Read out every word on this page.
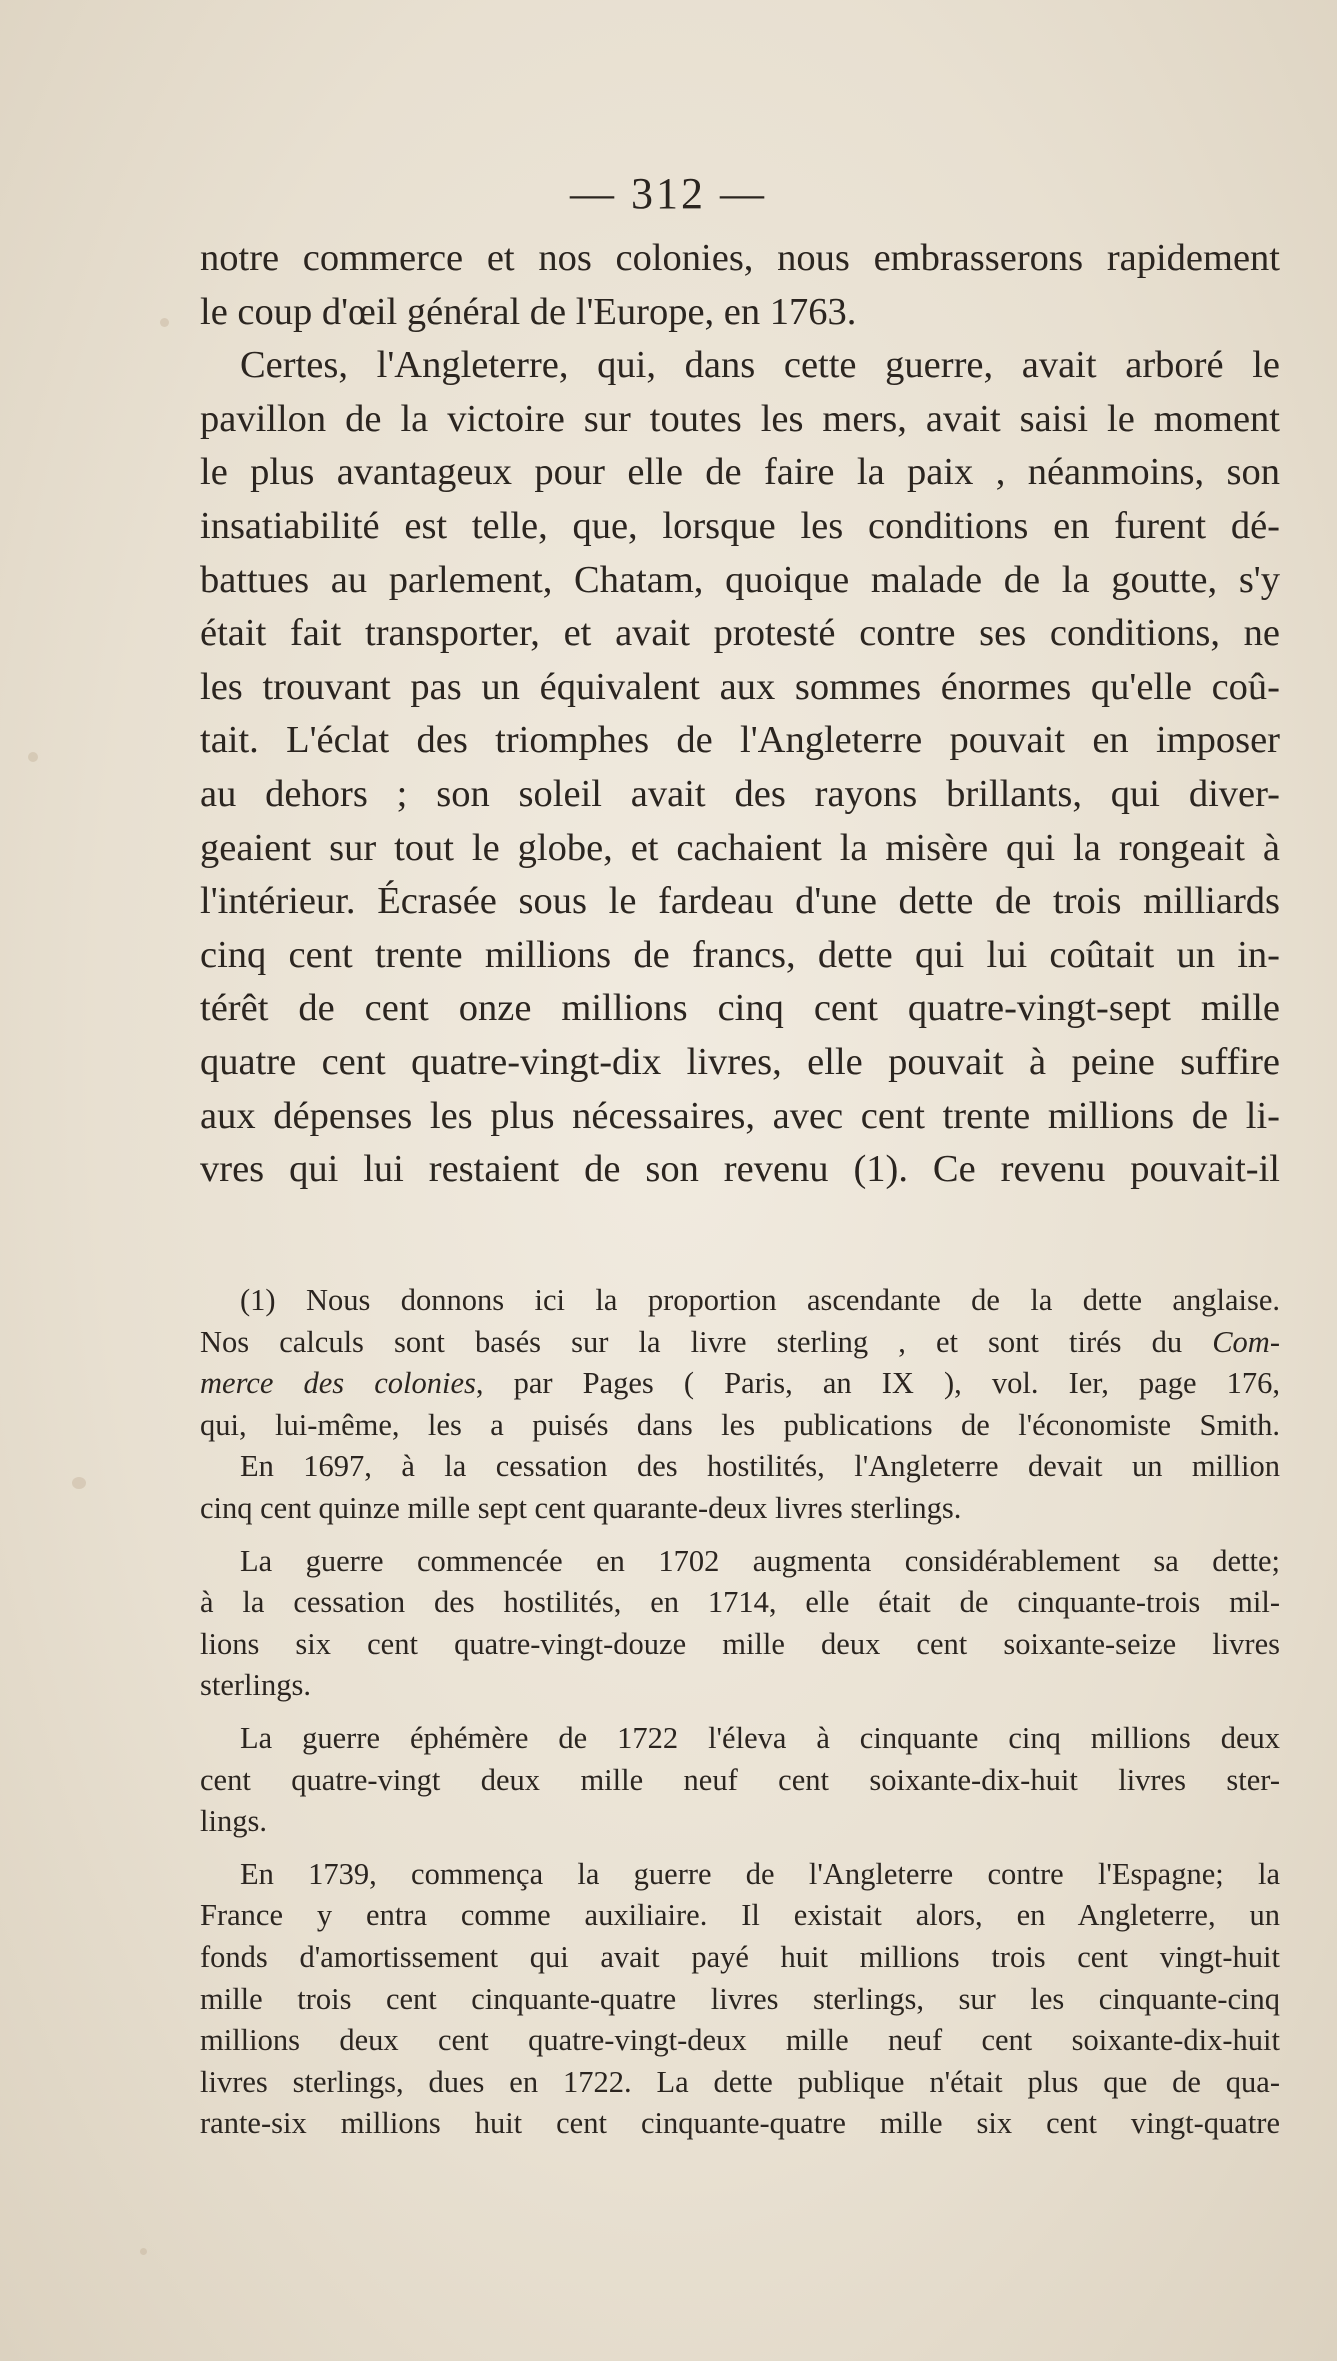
— 312 —
notre commerce et nos colonies, nous embrasserons rapidement
le coup d'œil général de l'Europe, en 1763.
Certes, l'Angleterre, qui, dans cette guerre, avait arboré le
pavillon de la victoire sur toutes les mers, avait saisi le moment
le plus avantageux pour elle de faire la paix , néanmoins, son
insatiabilité est telle, que, lorsque les conditions en furent dé-
battues au parlement, Chatam, quoique malade de la goutte, s'y
était fait transporter, et avait protesté contre ses conditions, ne
les trouvant pas un équivalent aux sommes énormes qu'elle coû-
tait. L'éclat des triomphes de l'Angleterre pouvait en imposer
au dehors ; son soleil avait des rayons brillants, qui diver-
geaient sur tout le globe, et cachaient la misère qui la rongeait à
l'intérieur. Écrasée sous le fardeau d'une dette de trois milliards
cinq cent trente millions de francs, dette qui lui coûtait un in-
térêt de cent onze millions cinq cent quatre-vingt-sept mille
quatre cent quatre-vingt-dix livres, elle pouvait à peine suffire
aux dépenses les plus nécessaires, avec cent trente millions de li-
vres qui lui restaient de son revenu (1). Ce revenu pouvait-il
(1) Nous donnons ici la proportion ascendante de la dette anglaise.
Nos calculs sont basés sur la livre sterling , et sont tirés du Com-
merce des colonies, par Pages ( Paris, an IX ), vol. Ier, page 176,
qui, lui-même, les a puisés dans les publications de l'économiste Smith.
En 1697, à la cessation des hostilités, l'Angleterre devait un million
cinq cent quinze mille sept cent quarante-deux livres sterlings.
La guerre commencée en 1702 augmenta considérablement sa dette;
à la cessation des hostilités, en 1714, elle était de cinquante-trois mil-
lions six cent quatre-vingt-douze mille deux cent soixante-seize livres
sterlings.
La guerre éphémère de 1722 l'éleva à cinquante cinq millions deux
cent quatre-vingt deux mille neuf cent soixante-dix-huit livres ster-
lings.
En 1739, commença la guerre de l'Angleterre contre l'Espagne; la
France y entra comme auxiliaire. Il existait alors, en Angleterre, un
fonds d'amortissement qui avait payé huit millions trois cent vingt-huit
mille trois cent cinquante-quatre livres sterlings, sur les cinquante-cinq
millions deux cent quatre-vingt-deux mille neuf cent soixante-dix-huit
livres sterlings, dues en 1722. La dette publique n'était plus que de qua-
rante-six millions huit cent cinquante-quatre mille six cent vingt-quatre
